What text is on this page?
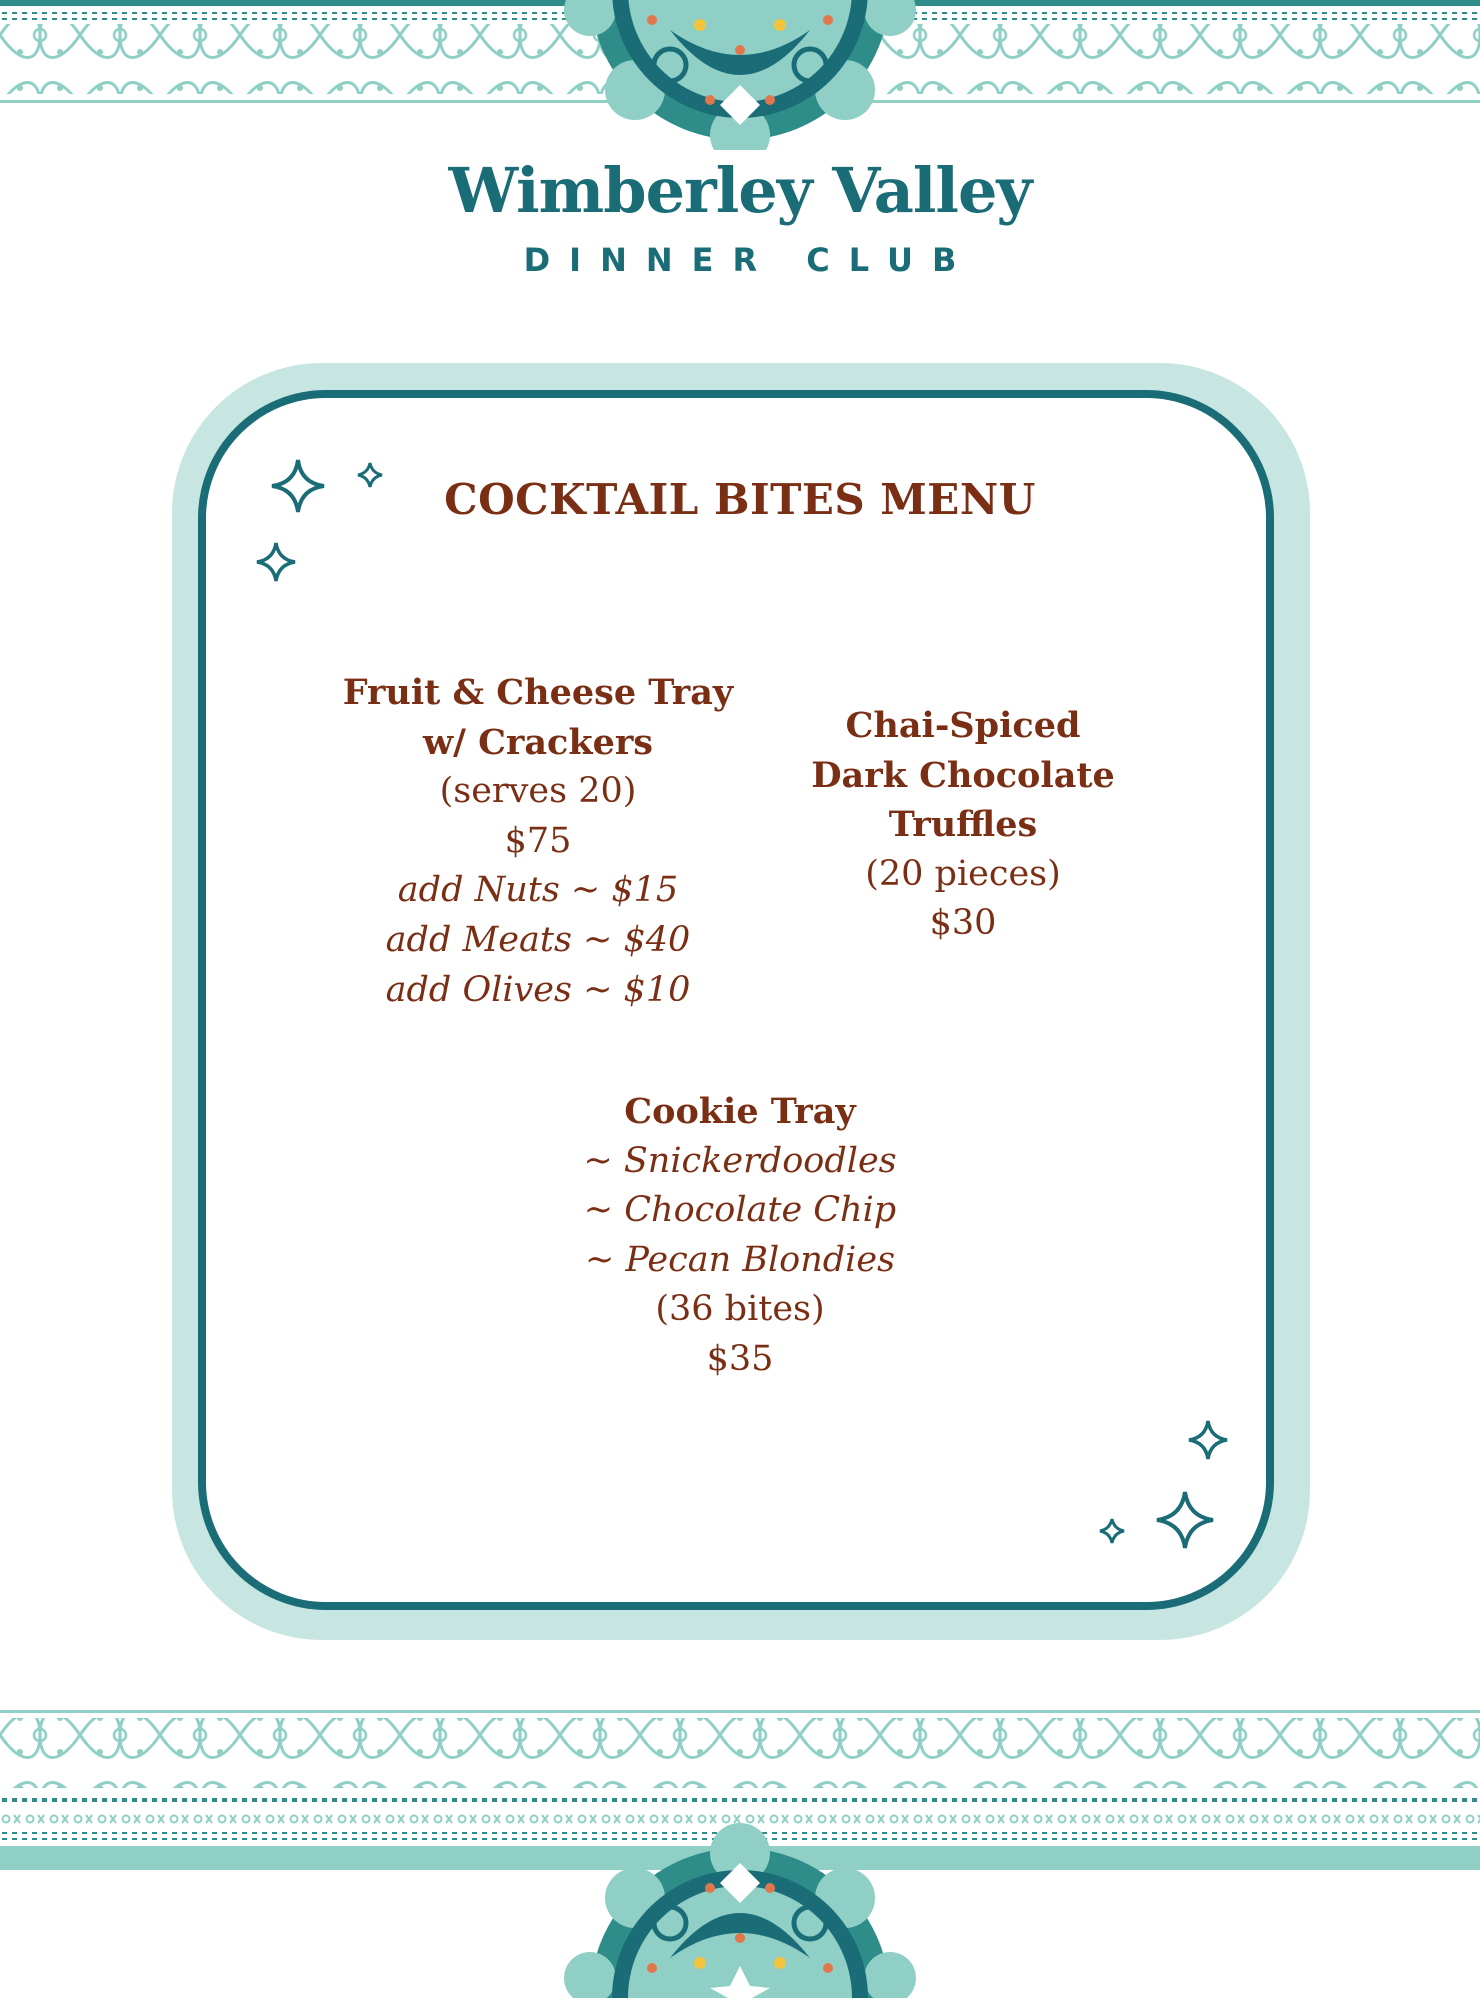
Wimberley Valley
DINNER CLUB
COCKTAIL BITES MENU
Fruit & Cheese Tray
w/ Crackers
(serves 20)
$75
add Nuts ~ $15
add Meats ~ $40
add Olives ~ $10
Chai-Spiced
Dark Chocolate
Truffles
(20 pieces)
$30
Cookie Tray
~ Snickerdoodles
~ Chocolate Chip
~ Pecan Blondies
(36 bites)
$35
